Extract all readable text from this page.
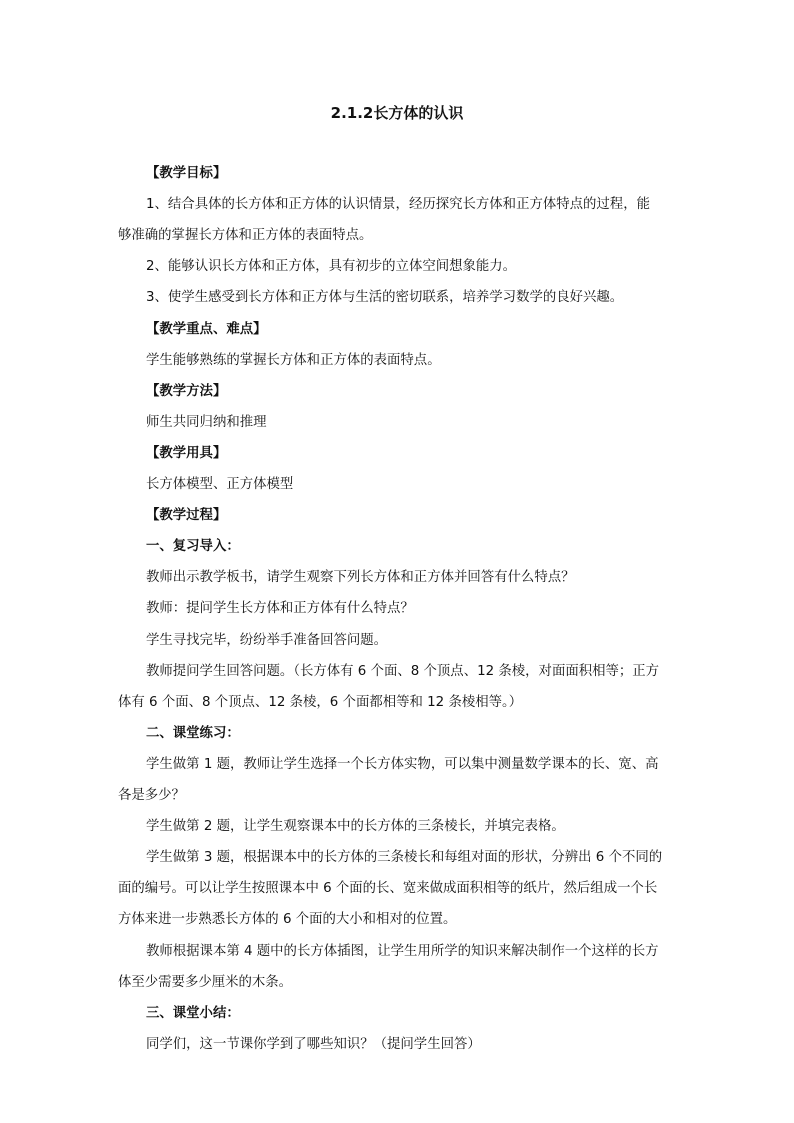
2.1.2长方体的认识
【教学目标】
1、结合具体的长方体和正方体的认识情景，经历探究长方体和正方体特点的过程，能
够准确的掌握长方体和正方体的表面特点。
2、能够认识长方体和正方体，具有初步的立体空间想象能力。
3、使学生感受到长方体和正方体与生活的密切联系，培养学习数学的良好兴趣。
【教学重点、难点】
学生能够熟练的掌握长方体和正方体的表面特点。
【教学方法】
师生共同归纳和推理
【教学用具】
长方体模型、正方体模型
【教学过程】
一、复习导入：
教师出示教学板书，请学生观察下列长方体和正方体并回答有什么特点？
教师：提问学生长方体和正方体有什么特点？
学生寻找完毕，纷纷举手准备回答问题。
教师提问学生回答问题。（长方体有 6 个面、8 个顶点、12 条棱，对面面积相等；正方
体有 6 个面、8 个顶点、12 条棱，6 个面都相等和 12 条棱相等。）
二、课堂练习：
学生做第 1 题，教师让学生选择一个长方体实物，可以集中测量数学课本的长、宽、高
各是多少？
学生做第 2 题，让学生观察课本中的长方体的三条棱长，并填完表格。
学生做第 3 题，根据课本中的长方体的三条棱长和每组对面的形状，分辨出 6 个不同的
面的编号。可以让学生按照课本中 6 个面的长、宽来做成面积相等的纸片，然后组成一个长
方体来进一步熟悉长方体的 6 个面的大小和相对的位置。
教师根据课本第 4 题中的长方体插图，让学生用所学的知识来解决制作一个这样的长方
体至少需要多少厘米的木条。
三、课堂小结：
同学们，这一节课你学到了哪些知识？（提问学生回答）
